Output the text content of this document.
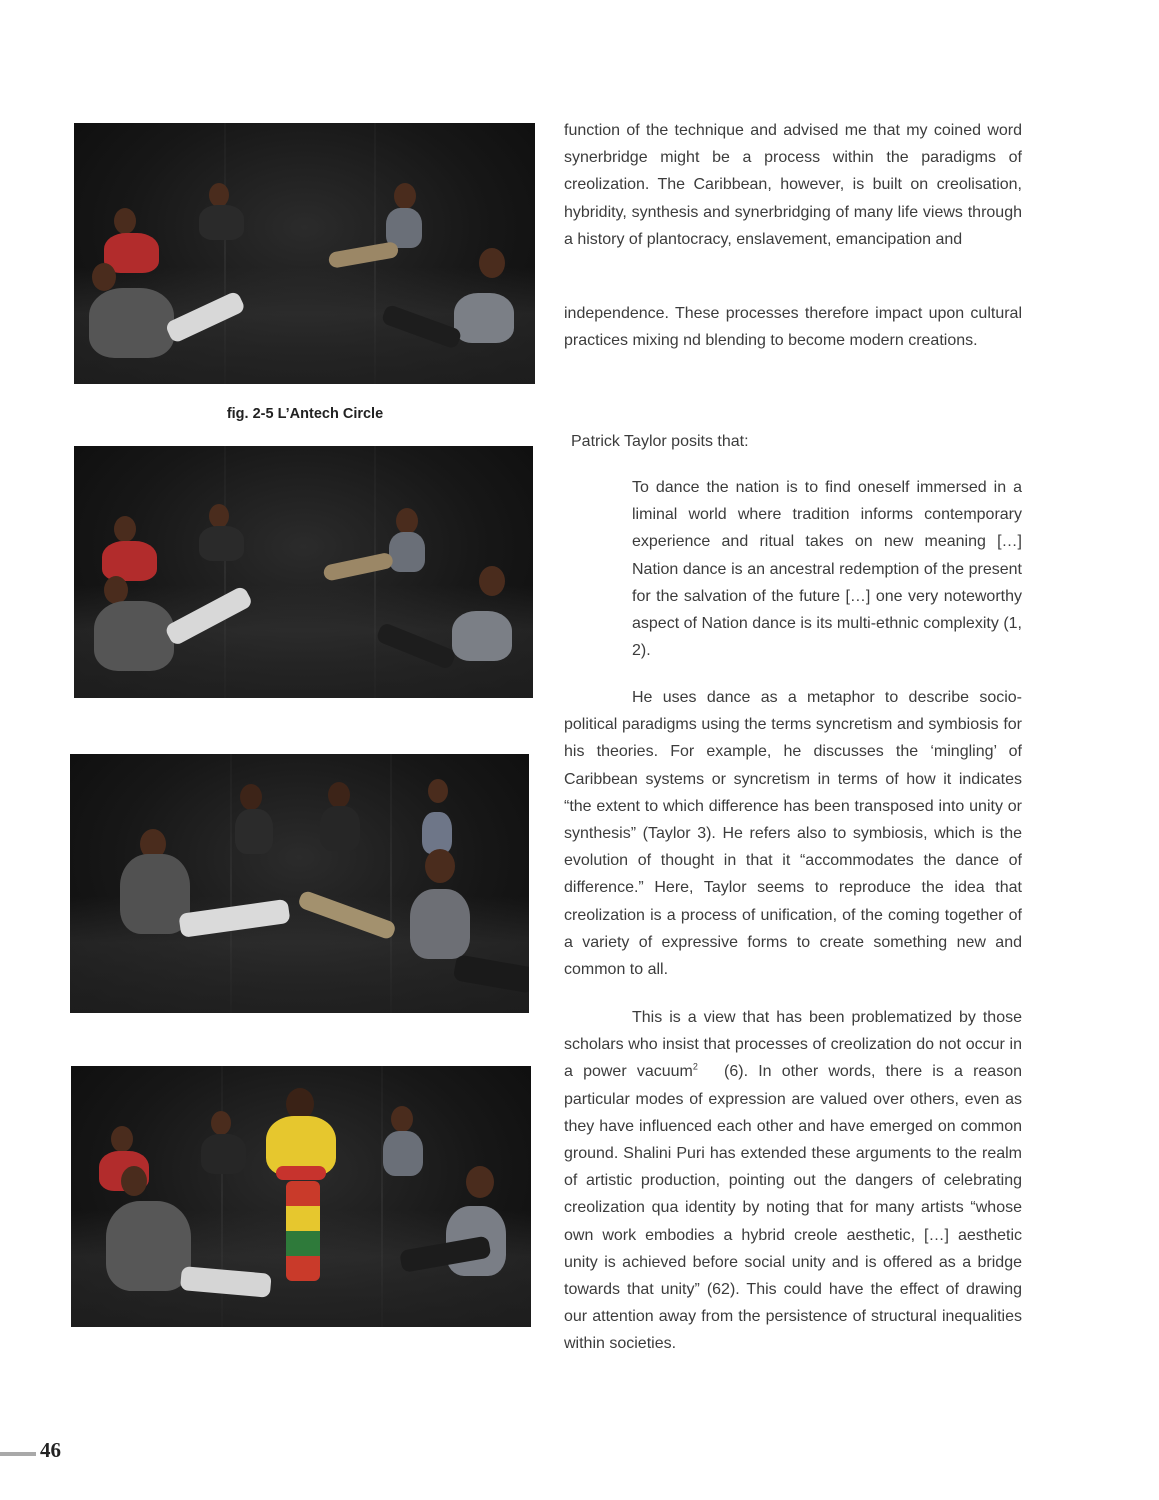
fig. 2-5 L’Antech Circle

function of the technique and advised me that my coined word synerbridge might be a process within the paradigms of creolization. The Caribbean, however, is built on creolisation, hybridity, synthesis and synerbridging of many life views through a history of plantocracy, enslavement, emancipation and

independence. These processes therefore impact upon cultural practices mixing nd blending to become modern creations.

Patrick Taylor posits that:

To dance the nation is to find oneself immersed in a liminal world where tradition informs contemporary experience and ritual takes on new meaning […] Nation dance is an ancestral redemption of the present for the salvation of the future […] one very noteworthy aspect of Nation dance is its multi-ethnic complexity (1, 2).

He uses dance as a metaphor to describe socio-political paradigms using the terms syncretism and symbiosis for his theories. For example, he discusses the ‘mingling’ of Caribbean systems or syncretism in terms of how it indicates “the extent to which difference has been transposed into unity or synthesis” (Taylor 3). He refers also to symbiosis, which is the evolution of thought in that it “accommodates the dance of difference.” Here, Taylor seems to reproduce the idea that creolization is a process of unification, of the coming together of a variety of expressive forms to create something new and common to all.

This is a view that has been problematized by those scholars who insist that processes of creolization do not occur in a power vacuum$^2$  (6). In other words, there is a reason particular modes of expression are valued over others, even as they have influenced each other and have emerged on common ground. Shalini Puri has extended these arguments to the realm of artistic production, pointing out the dangers of celebrating creolization qua identity by noting that for many artists “whose own work embodies a hybrid creole aesthetic, […] aesthetic unity is achieved before social unity and is offered as a bridge towards that unity” (62). This could have the effect of drawing our attention away from the persistence of structural inequalities within societies.

46
